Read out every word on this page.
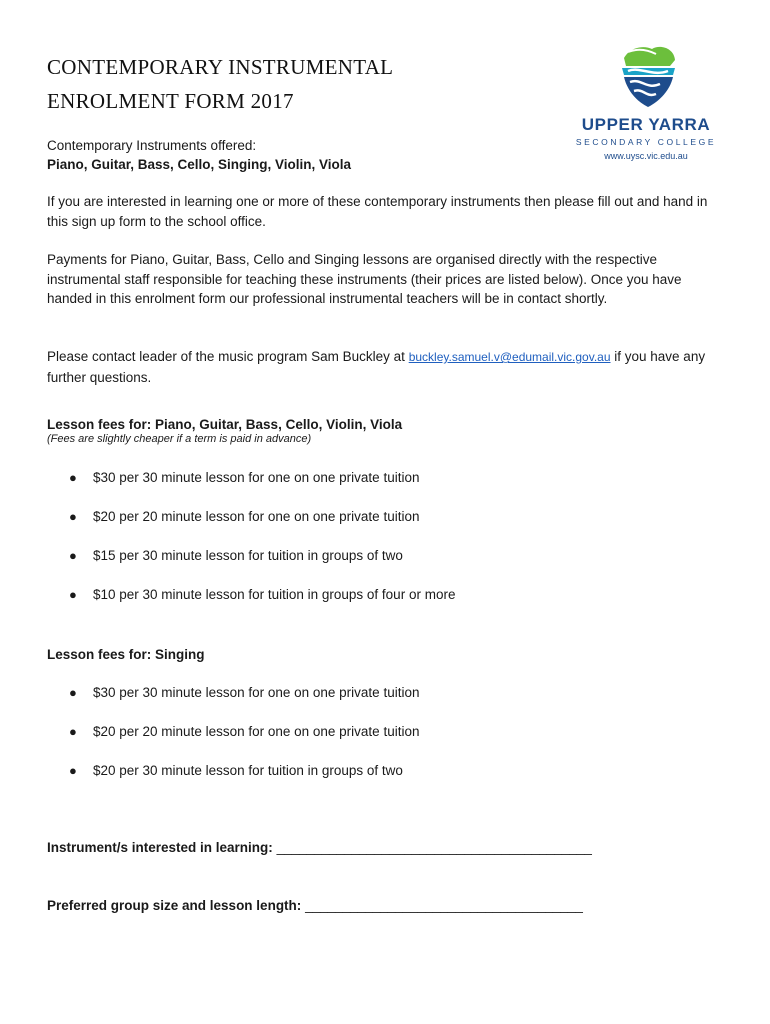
CONTEMPORARY INSTRUMENTAL
ENROLMENT FORM 2017
UPPER YARRA
SECONDARY COLLEGE
www.uysc.vic.edu.au

Contemporary Instruments offered:

Piano, Guitar, Bass, Cello, Singing, Violin, Viola

If you are interested in learning one or more of these contemporary instruments then please fill out and hand in this sign up form to the school office.

Payments for Piano, Guitar, Bass, Cello and Singing lessons are organised directly with the respective instrumental staff responsible for teaching these instruments (their prices are listed below). Once you have handed in this enrolment form our professional instrumental teachers will be in contact shortly.

Please contact leader of the music program Sam Buckley at buckley.samuel.v@edumail.vic.gov.au if you have any further questions.

Lesson fees for: Piano, Guitar, Bass, Cello, Violin, Viola

(Fees are slightly cheaper if a term is paid in advance)

● $30 per 30 minute lesson for one on one private tuition
● $20 per 20 minute lesson for one on one private tuition
● $15 per 30 minute lesson for tuition in groups of two
● $10 per 30 minute lesson for tuition in groups of four or more

Lesson fees for: Singing

● $30 per 30 minute lesson for one on one private tuition
● $20 per 20 minute lesson for one on one private tuition
● $20 per 30 minute lesson for tuition in groups of two
Instrument/s interested in learning: __________________________________________
Preferred group size and lesson length: _____________________________________
